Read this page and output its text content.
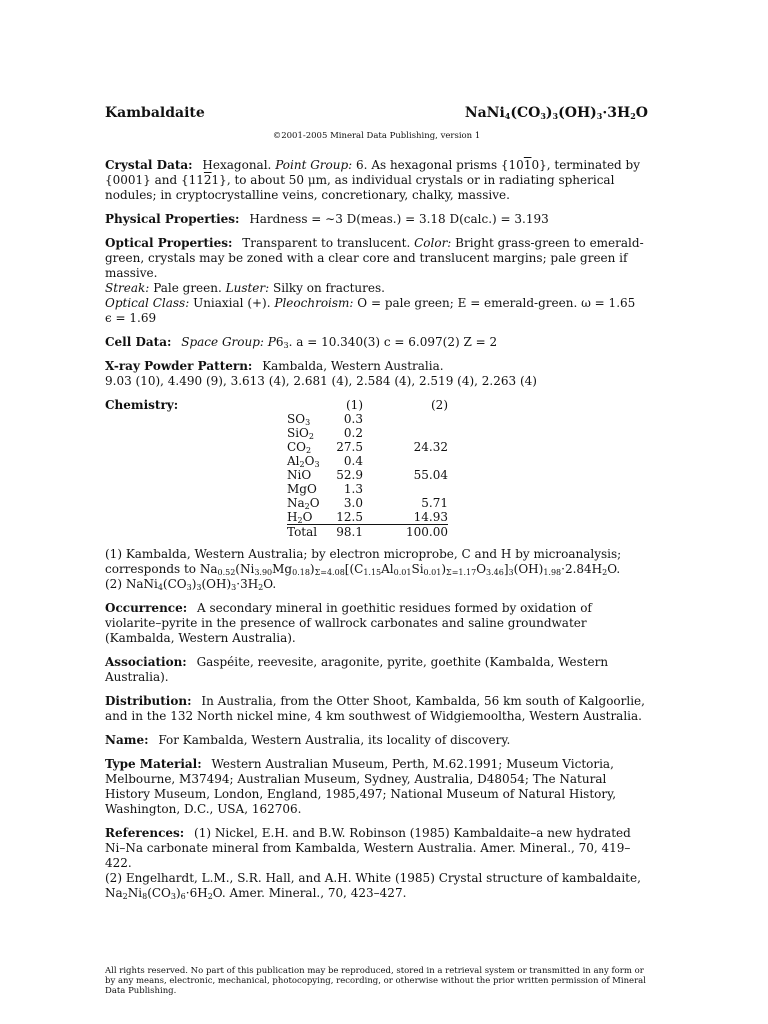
Kambaldaite	$NaNi_4(CO_3)_3(OH)_3\cdot 3H_2O$
©2001-2005 Mineral Data Publishing, version 1
Crystal Data: Hexagonal. Point Group: 6. As hexagonal prisms {1010}, terminated by {0001} and {1121}, to about 50 μm, as individual crystals or in radiating spherical nodules; in cryptocrystalline veins, concretionary, chalky, massive.
Physical Properties: Hardness = ∼3 D(meas.) = 3.18 D(calc.) = 3.193
Optical Properties: Transparent to translucent. Color: Bright grass-green to emerald-green, crystals may be zoned with a clear core and translucent margins; pale green if massive.
Streak: Pale green. Luster: Silky on fractures.
Optical Class: Uniaxial (+). Pleochroism: O = pale green; E = emerald-green. ω = 1.65
ϵ = 1.69
Cell Data: Space Group: $P6_3$. a = 10.340(3) c = 6.097(2) Z = 2
X-ray Powder Pattern: Kambalda, Western Australia.
9.03 (10), 4.490 (9), 3.613 (4), 2.681 (4), 2.584 (4), 2.519 (4), 2.263 (4)
Chemistry:
		(1)	(2)
$SO_3$	0.3	
SiO$_2$	0.2	
$CO_2$	27.5	24.32
$Al_2O_3$	0.4	
NiO	52.9	55.04
MgO	1.3	
$Na_2O$	3.0	5.71
$H_2O$	12.5	14.93
Total	98.1	100.00
(1) Kambalda, Western Australia; by electron microprobe, C and H by microanalysis; corresponds to $Na_{0.52}(Ni_{3.90}Mg_{0.18})_{\Sigma=4.08}[(C_{1.15}Al_{0.01}Si_{0.01})_{\Sigma=1.17}O_{3.46}]_3(OH)_{1.98}\cdot 2.84H_2O$.
(2) $NaNi_4(CO_3)_3(OH)_3\cdot 3H_2O$.
Occurrence: A secondary mineral in goethitic residues formed by oxidation of violarite–pyrite in the presence of wallrock carbonates and saline groundwater (Kambalda, Western Australia).
Association: Gaspéite, reevesite, aragonite, pyrite, goethite (Kambalda, Western Australia).
Distribution: In Australia, from the Otter Shoot, Kambalda, 56 km south of Kalgoorlie, and in the 132 North nickel mine, 4 km southwest of Widgiemooltha, Western Australia.
Name: For Kambalda, Western Australia, its locality of discovery.
Type Material: Western Australian Museum, Perth, M.62.1991; Museum Victoria, Melbourne, M37494; Australian Museum, Sydney, Australia, D48054; The Natural History Museum, London, England, 1985,497; National Museum of Natural History, Washington, D.C., USA, 162706.
References: (1) Nickel, E.H. and B.W. Robinson (1985) Kambaldaite–a new hydrated Ni–Na carbonate mineral from Kambalda, Western Australia. Amer. Mineral., 70, 419–422.
(2) Engelhardt, L.M., S.R. Hall, and A.H. White (1985) Crystal structure of kambaldaite, $Na_2Ni_8(CO_3)_6\cdot 6H_2O$. Amer. Mineral., 70, 423–427.
All rights reserved. No part of this publication may be reproduced, stored in a retrieval system or transmitted in any form or by any means, electronic, mechanical, photocopying, recording, or otherwise without the prior written permission of Mineral Data Publishing.
